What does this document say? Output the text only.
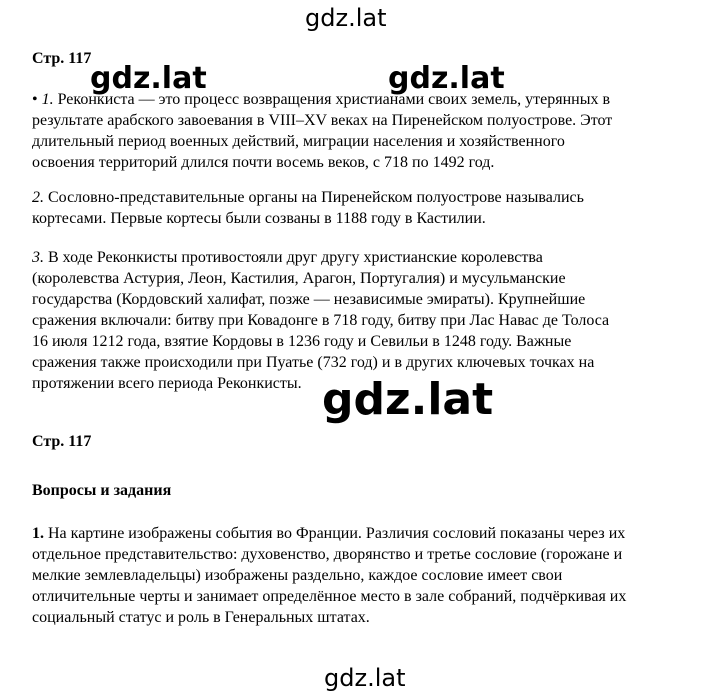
gdz.lat
Стр. 117
• 1. Реконкиста — это процесс возвращения христианами своих земель, утерянных в
результате арабского завоевания в VIII–XV веках на Пиренейском полуострове. Этот
длительный период военных действий, миграции населения и хозяйственного
освоения территорий длился почти восемь веков, с 718 по 1492 год.
2. Сословно-представительные органы на Пиренейском полуострове назывались
кортесами. Первые кортесы были созваны в 1188 году в Кастилии.
3. В ходе Реконкисты противостояли друг другу христианские королевства
(королевства Астурия, Леон, Кастилия, Арагон, Португалия) и мусульманские
государства (Кордовский халифат, позже — независимые эмираты). Крупнейшие
сражения включали: битву при Ковадонге в 718 году, битву при Лас Навас де Толоса
16 июля 1212 года, взятие Кордовы в 1236 году и Севильи в 1248 году. Важные
сражения также происходили при Пуатье (732 год) и в других ключевых точках на
протяжении всего периода Реконкисты.
Стр. 117
Вопросы и задания
1. На картине изображены события во Франции. Различия сословий показаны через их
отдельное представительство: духовенство, дворянство и третье сословие (горожане и
мелкие землевладельцы) изображены раздельно, каждое сословие имеет свои
отличительные черты и занимает определённое место в зале собраний, подчёркивая их
социальный статус и роль в Генеральных штатах.
gdz.lat	gdz.lat
gdz.lat
gdz.lat
